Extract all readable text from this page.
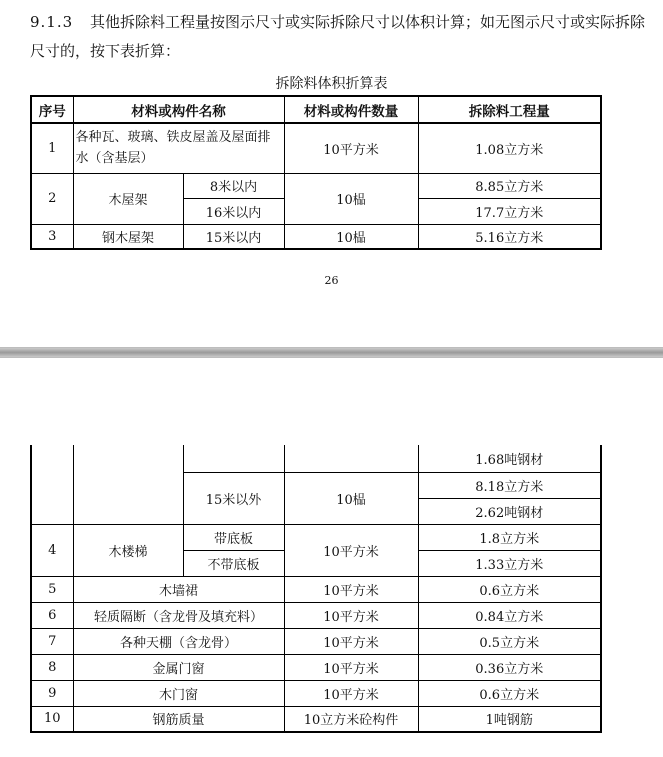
9.1.3 其他拆除料工程量按图示尺寸或实际拆除尺寸以体积计算；如无图示尺寸或实际拆除
尺寸的，按下表折算：
拆除料体积折算表
序号	材料或构件名称		材料或构件数量	拆除料工程量
1	各种瓦、玻璃、铁皮屋盖及屋面排水（含基层）		10平方米	1.08立方米
2	木屋架	8米以内	10榀	8.85立方米
		16米以内		17.7立方米
3	钢木屋架	15米以内	10榀	5.16立方米
26
				1.68吨钢材
		15米以外	10榀	8.18立方米
				2.62吨钢材
4	木楼梯	带底板	10平方米	1.8立方米
		不带底板		1.33立方米
5	木墙裙		10平方米	0.6立方米
6	轻质隔断（含龙骨及填充料）		10平方米	0.84立方米
7	各种天棚（含龙骨）		10平方米	0.5立方米
8	金属门窗		10平方米	0.36立方米
9	木门窗		10平方米	0.6立方米
10	钢筋质量		10立方米砼构件	1吨钢筋
